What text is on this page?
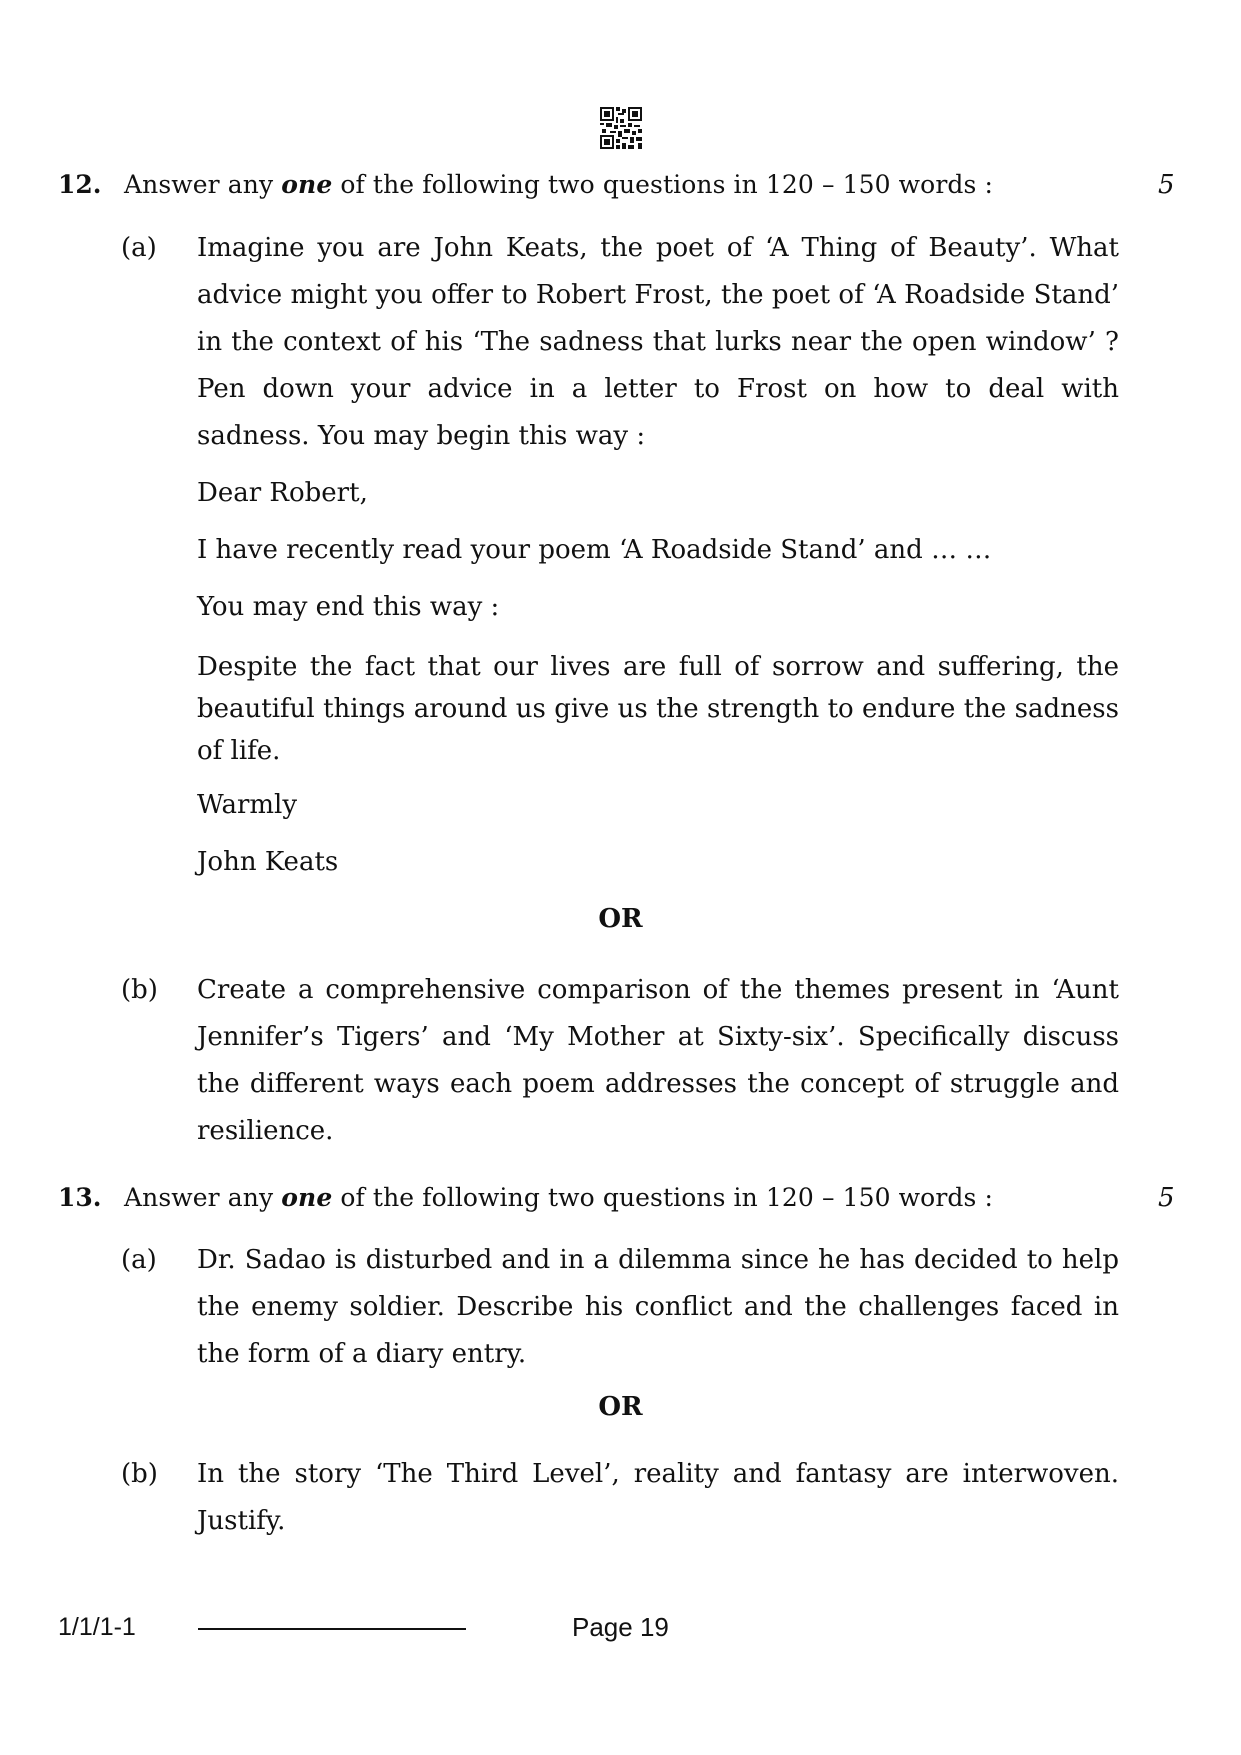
12. Answer any one of the following two questions in 120 – 150 words :	5
(a) Imagine you are John Keats, the poet of ‘A Thing of Beauty’. What advice might you offer to Robert Frost, the poet of ‘A Roadside Stand’ in the context of his ‘The sadness that lurks near the open window’ ? Pen down your advice in a letter to Frost on how to deal with sadness. You may begin this way :
Dear Robert,
I have recently read your poem ‘A Roadside Stand’ and … …
You may end this way :
Despite the fact that our lives are full of sorrow and suffering, the beautiful things around us give us the strength to endure the sadness of life.
Warmly
John Keats
OR
(b) Create a comprehensive comparison of the themes present in ‘Aunt Jennifer’s Tigers’ and ‘My Mother at Sixty-six’. Specifically discuss the different ways each poem addresses the concept of struggle and resilience.
13. Answer any one of the following two questions in 120 – 150 words :	5
(a) Dr. Sadao is disturbed and in a dilemma since he has decided to help the enemy soldier. Describe his conflict and the challenges faced in the form of a diary entry.
OR
(b) In the story ‘The Third Level’, reality and fantasy are interwoven. Justify.
1/1/1-1	Page 19
